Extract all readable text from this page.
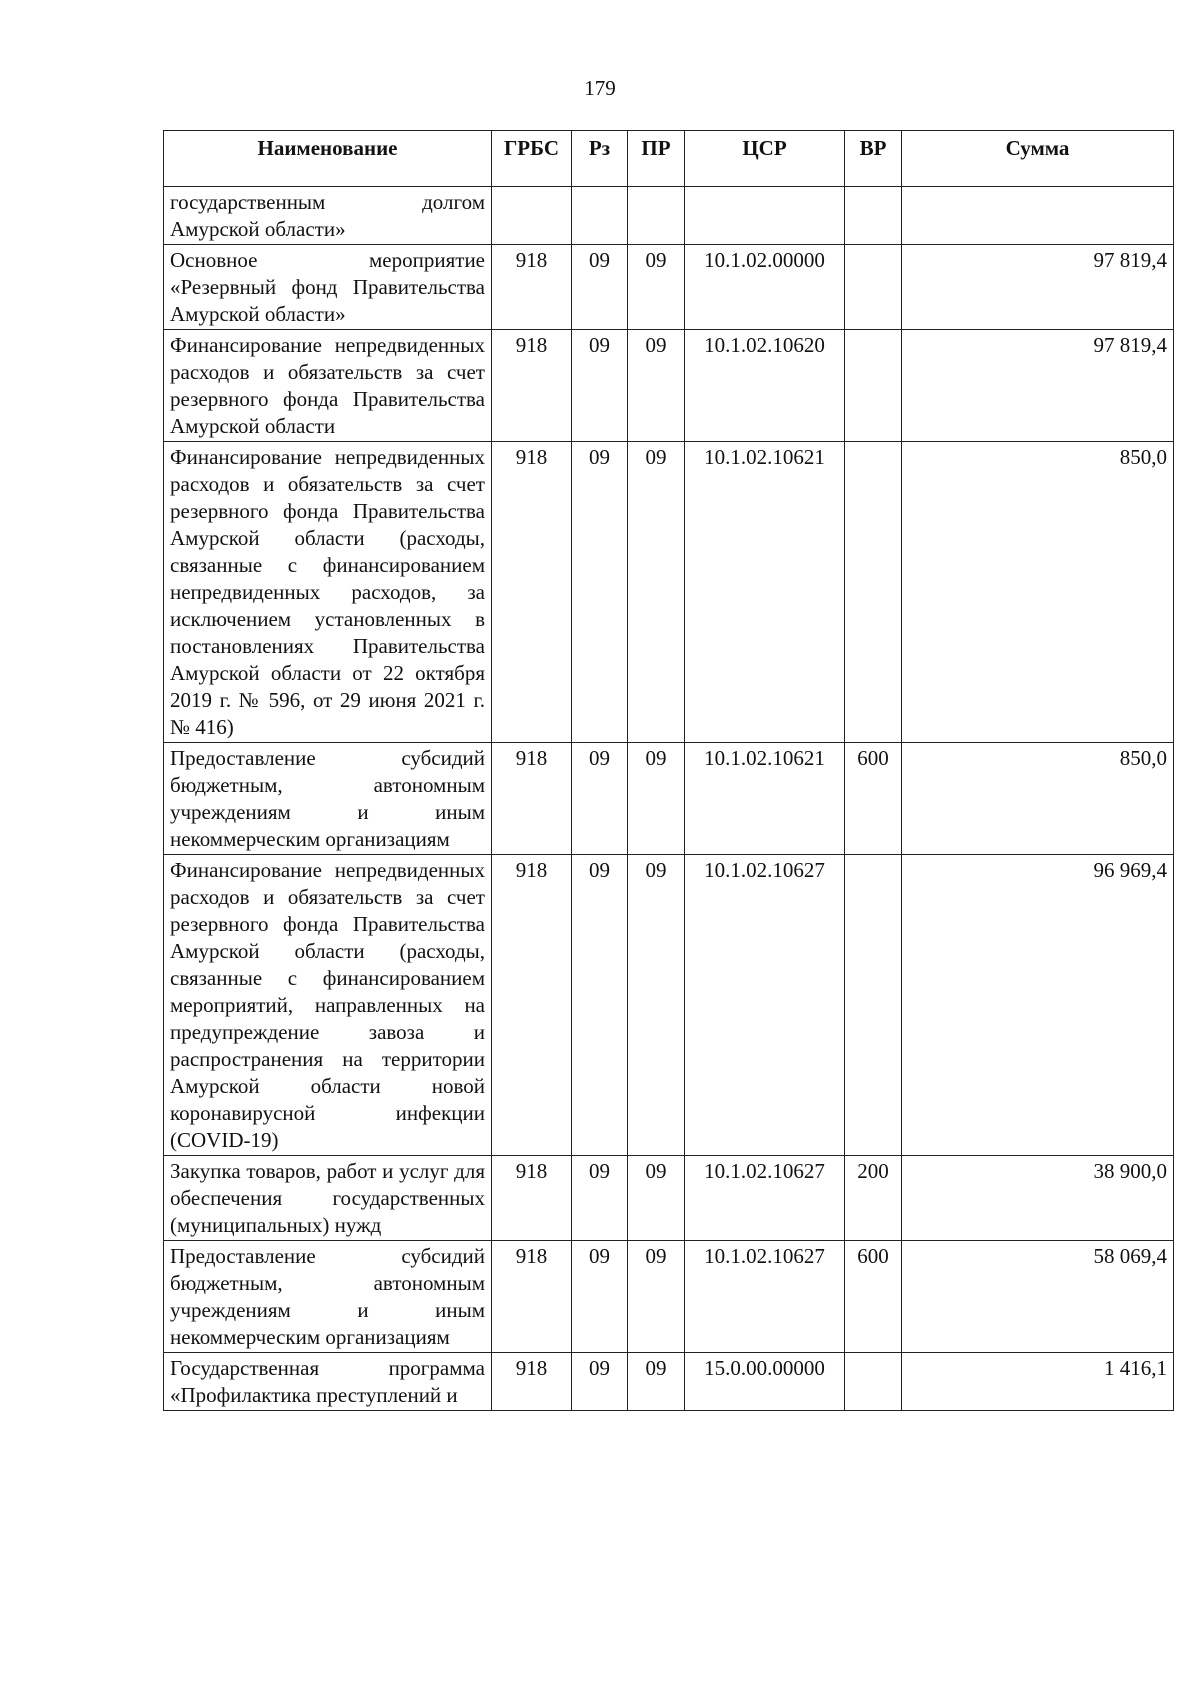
179
Наименование	ГРБС	Рз	ПР	ЦСР	ВР	Сумма
государственным долгом Амурской области»						
Основное мероприятие «Резервный фонд Правительства Амурской области»	918	09	09	10.1.02.00000		97 819,4
Финансирование непредвиденных расходов и обязательств за счет резервного фонда Правительства Амурской области	918	09	09	10.1.02.10620		97 819,4
Финансирование непредвиденных расходов и обязательств за счет резервного фонда Правительства Амурской области (расходы, связанные с финансированием непредвиденных расходов, за исключением установленных в постановлениях Правительства Амурской области от 22 октября 2019 г. № 596, от 29 июня 2021 г. № 416)	918	09	09	10.1.02.10621		850,0
Предоставление субсидий бюджетным, автономным учреждениям и иным некоммерческим организациям	918	09	09	10.1.02.10621	600	850,0
Финансирование непредвиденных расходов и обязательств за счет резервного фонда Правительства Амурской области (расходы, связанные с финансированием мероприятий, направленных на предупреждение завоза и распространения на территории Амурской области новой коронавирусной инфекции (COVID-19)	918	09	09	10.1.02.10627		96 969,4
Закупка товаров, работ и услуг для обеспечения государственных (муниципальных) нужд	918	09	09	10.1.02.10627	200	38 900,0
Предоставление субсидий бюджетным, автономным учреждениям и иным некоммерческим организациям	918	09	09	10.1.02.10627	600	58 069,4
Государственная программа «Профилактика преступлений и	918	09	09	15.0.00.00000		1 416,1
